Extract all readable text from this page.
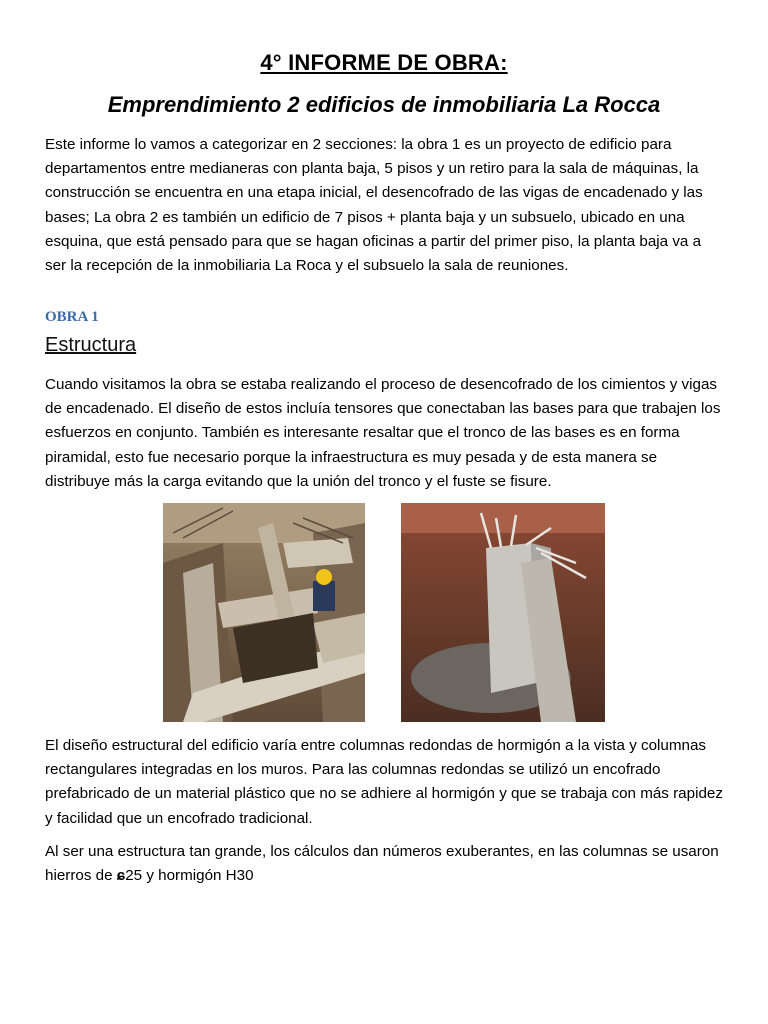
4° INFORME DE OBRA:
Emprendimiento 2 edificios de inmobiliaria La Rocca

Este informe lo vamos a categorizar en 2 secciones: la obra 1 es un proyecto de edificio para departamentos entre medianeras con planta baja, 5 pisos y un retiro para la sala de máquinas, la construcción se encuentra en una etapa inicial, el desencofrado de las vigas de encadenado y las bases; La obra 2 es también un edificio de 7 pisos + planta baja y un subsuelo, ubicado en una esquina, que está pensado para que se hagan oficinas a partir del primer piso, la planta baja va a ser la recepción de la inmobiliaria La Roca y el subsuelo la sala de reuniones.

OBRA 1
Estructura

Cuando visitamos la obra se estaba realizando el proceso de desencofrado de los cimientos y vigas de encadenado. El diseño de estos incluía tensores que conectaban las bases para que trabajen los esfuerzos en conjunto. También es interesante resaltar que el tronco de las bases es en forma piramidal, esto fue necesario porque la infraestructura es muy pesada y de esta manera se distribuye más la carga evitando que la unión del tronco y el fuste se fisure.

El diseño estructural del edificio varía entre columnas redondas de hormigón a la vista y columnas rectangulares integradas en los muros. Para las columnas redondas se utilizó un encofrado prefabricado de un material plástico que no se adhiere al hormigón y que se trabaja con más rapidez y facilidad que un encofrado tradicional.

Al ser una estructura tan grande, los cálculos dan números exuberantes, en las columnas se usaron hierros de ɕ25 y hormigón H30
